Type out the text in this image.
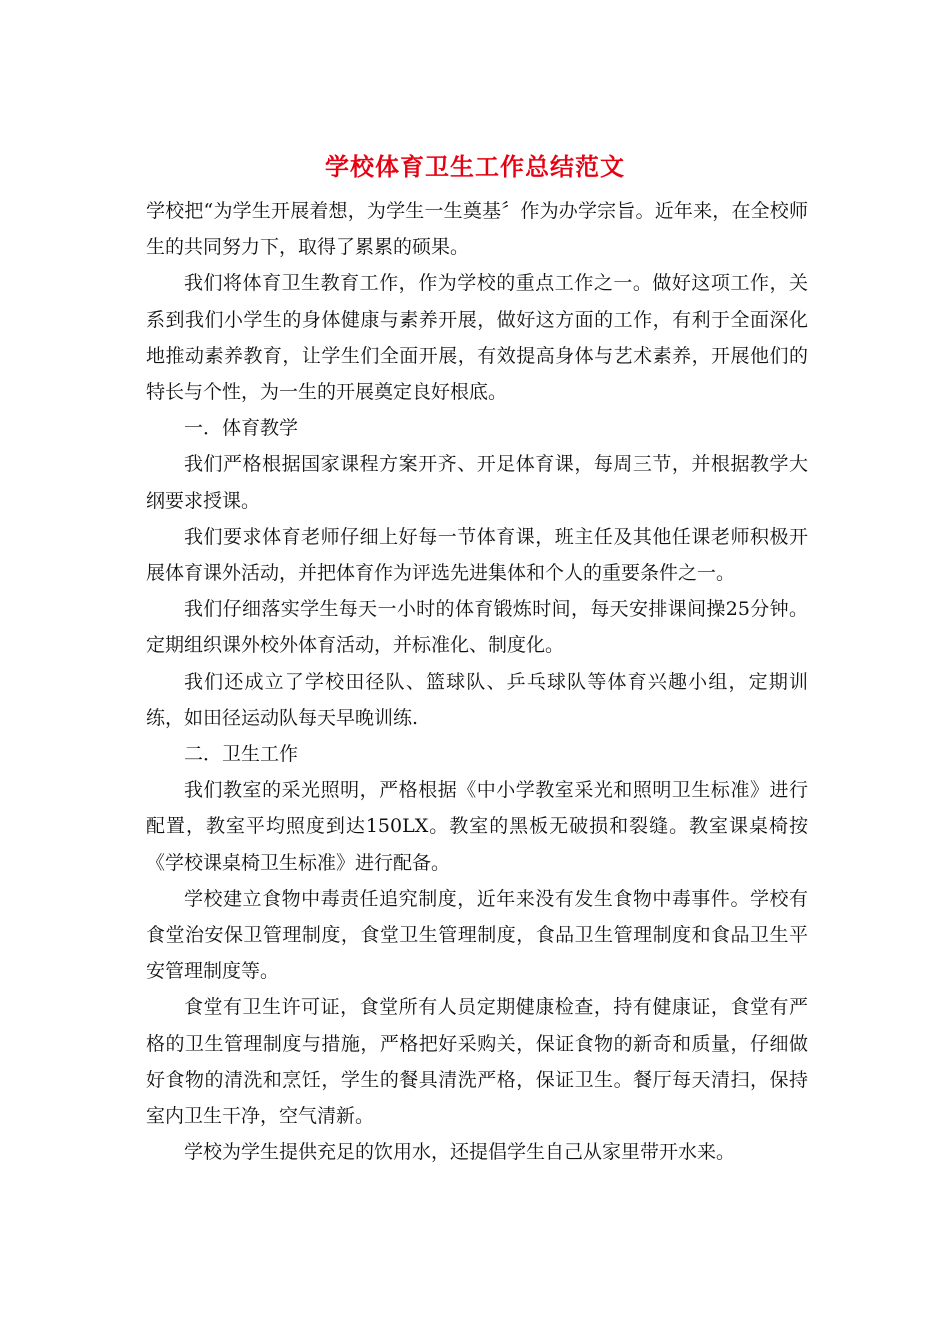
学校体育卫生工作总结范文

学校把“为学生开展着想，为学生一生奠基〞作为办学宗旨。近年来，在全校师生的共同努力下，取得了累累的硕果。

我们将体育卫生教育工作，作为学校的重点工作之一。做好这项工作，关系到我们小学生的身体健康与素养开展，做好这方面的工作，有利于全面深化地推动素养教育，让学生们全面开展，有效提高身体与艺术素养，开展他们的特长与个性，为一生的开展奠定良好根底。

一．体育教学

我们严格根据国家课程方案开齐、开足体育课，每周三节，并根据教学大纲要求授课。

我们要求体育老师仔细上好每一节体育课，班主任及其他任课老师积极开展体育课外活动，并把体育作为评选先进集体和个人的重要条件之一。

我们仔细落实学生每天一小时的体育锻炼时间，每天安排课间操25分钟。定期组织课外校外体育活动，并标准化、制度化。

我们还成立了学校田径队、篮球队、乒乓球队等体育兴趣小组，定期训练，如田径运动队每天早晚训练.

二．卫生工作

我们教室的采光照明，严格根据《中小学教室采光和照明卫生标准》进行配置，教室平均照度到达150LX。教室的黑板无破损和裂缝。教室课桌椅按《学校课桌椅卫生标准》进行配备。

学校建立食物中毒责任追究制度，近年来没有发生食物中毒事件。学校有食堂治安保卫管理制度，食堂卫生管理制度，食品卫生管理制度和食品卫生平安管理制度等。

食堂有卫生许可证，食堂所有人员定期健康检查，持有健康证，食堂有严格的卫生管理制度与措施，严格把好采购关，保证食物的新奇和质量，仔细做好食物的清洗和烹饪，学生的餐具清洗严格，保证卫生。餐厅每天清扫，保持室内卫生干净，空气清新。

学校为学生提供充足的饮用水，还提倡学生自己从家里带开水来。
